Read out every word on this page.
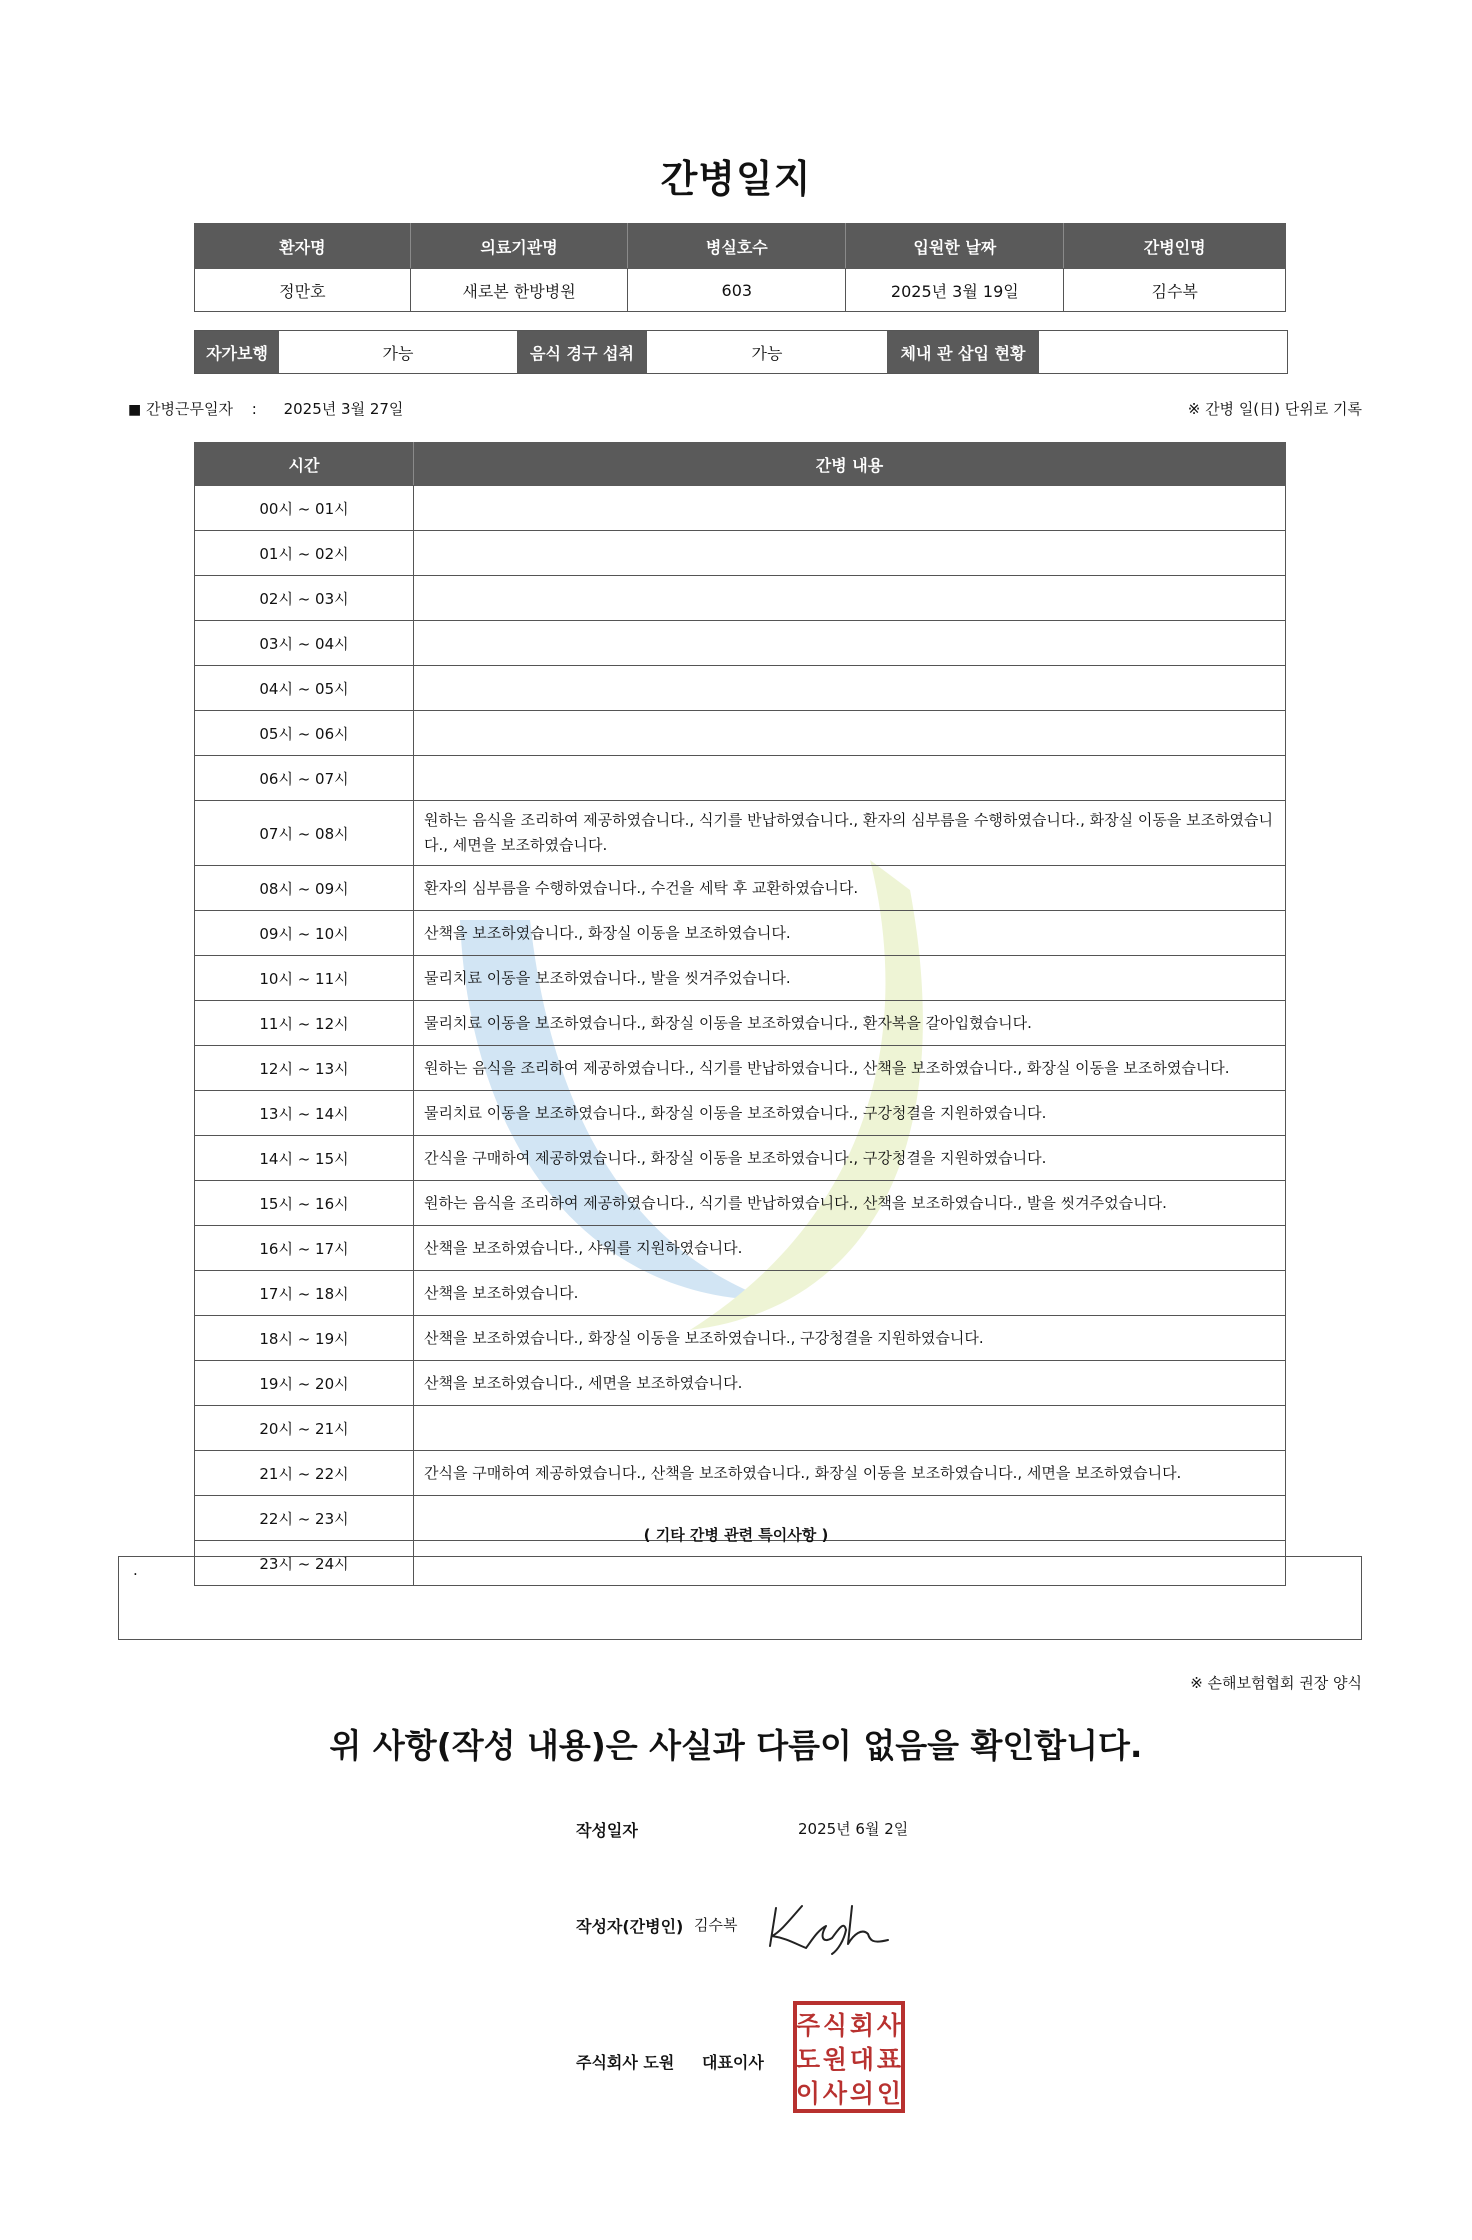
간병일지
환자명	의료기관명	병실호수	입원한 날짜	간병인명
정만호	새로본 한방병원	603	2025년 3월 19일	김수복
자가보행	가능	음식 경구 섭취	가능	체내 관 삽입 현황
■ 간병근무일자 : 2025년 3월 27일	※ 간병 일(日) 단위로 기록
시간	간병 내용
00시 ~ 01시	
01시 ~ 02시	
02시 ~ 03시	
03시 ~ 04시	
04시 ~ 05시	
05시 ~ 06시	
06시 ~ 07시	
07시 ~ 08시	원하는 음식을 조리하여 제공하였습니다., 식기를 반납하였습니다., 환자의 심부름을 수행하였습니다., 화장실 이동을 보조하였습니다., 세면을 보조하였습니다.
08시 ~ 09시	환자의 심부름을 수행하였습니다., 수건을 세탁 후 교환하였습니다.
09시 ~ 10시	산책을 보조하였습니다., 화장실 이동을 보조하였습니다.
10시 ~ 11시	물리치료 이동을 보조하였습니다., 발을 씻겨주었습니다.
11시 ~ 12시	물리치료 이동을 보조하였습니다., 화장실 이동을 보조하였습니다., 환자복을 갈아입혔습니다.
12시 ~ 13시	원하는 음식을 조리하여 제공하였습니다., 식기를 반납하였습니다., 산책을 보조하였습니다., 화장실 이동을 보조하였습니다.
13시 ~ 14시	물리치료 이동을 보조하였습니다., 화장실 이동을 보조하였습니다., 구강청결을 지원하였습니다.
14시 ~ 15시	간식을 구매하여 제공하였습니다., 화장실 이동을 보조하였습니다., 구강청결을 지원하였습니다.
15시 ~ 16시	원하는 음식을 조리하여 제공하였습니다., 식기를 반납하였습니다., 산책을 보조하였습니다., 발을 씻겨주었습니다.
16시 ~ 17시	산책을 보조하였습니다., 샤워를 지원하였습니다.
17시 ~ 18시	산책을 보조하였습니다.
18시 ~ 19시	산책을 보조하였습니다., 화장실 이동을 보조하였습니다., 구강청결을 지원하였습니다.
19시 ~ 20시	산책을 보조하였습니다., 세면을 보조하였습니다.
20시 ~ 21시	
21시 ~ 22시	간식을 구매하여 제공하였습니다., 산책을 보조하였습니다., 화장실 이동을 보조하였습니다., 세면을 보조하였습니다.
22시 ~ 23시	
23시 ~ 24시	
( 기타 간병 관련 특이사항 )
.
※ 손해보험협회 권장 양식
위 사항(작성 내용)은 사실과 다름이 없음을 확인합니다.
작성일자	2025년 6월 2일
작성자(간병인) 김수복
주식회사 도원 대표이사
주 식 회 사
도 원 대 표
이 사 의 인
